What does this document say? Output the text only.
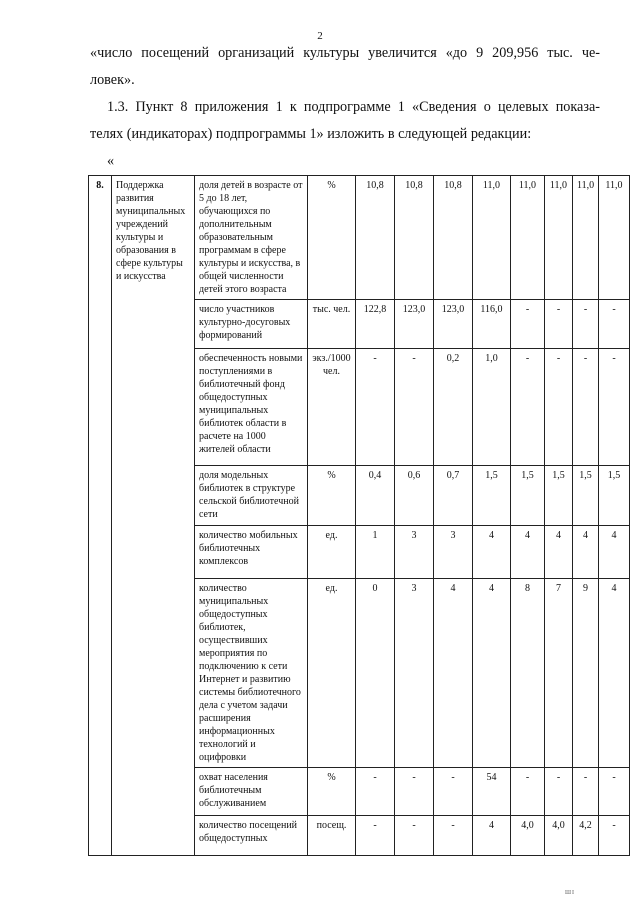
2
«число посещений организаций культуры увеличится «до 9 209,956 тыс. че-
ловек».
1.3. Пункт 8 приложения 1 к подпрограмме 1 «Сведения о целевых показа-
телях (индикаторах) подпрограммы 1» изложить в следующей редакции:
«
8.	Поддержка развития муниципальных учреждений культуры и образования в сфере культуры и искусства	доля детей в возрасте от 5 до 18 лет, обучающихся по дополнительным образовательным программам в сфере культуры и искусства, в общей численности детей этого возраста	%	10,8	10,8	10,8	11,0	11,0	11,0	11,0	11,0
		число участников культурно-досуговых формирований	тыс. чел.	122,8	123,0	123,0	116,0	-	-	-	-
		обеспеченность новыми поступлениями в библиотечный фонд общедоступных муниципальных библиотек области в расчете на 1000 жителей области	экз./1000 чел.	-	-	0,2	1,0	-	-	-	-
		доля модельных библиотек в структуре сельской библиотечной сети	%	0,4	0,6	0,7	1,5	1,5	1,5	1,5	1,5
		количество мобильных библиотечных комплексов	ед.	1	3	3	4	4	4	4	4
		количество муниципальных общедоступных библиотек, осуществивших мероприятия по подключению к сети Интернет и развитию системы библиотечного дела с учетом задачи расширения информационных технологий и оцифровки	ед.	0	3	4	4	8	7	9	4
		охват населения библиотечным обслуживанием	%	-	-	-	54	-	-	-	-
		количество посещений общедоступных	посещ.	-	-	-	4	4,0	4,0	4,2	-
ШI
